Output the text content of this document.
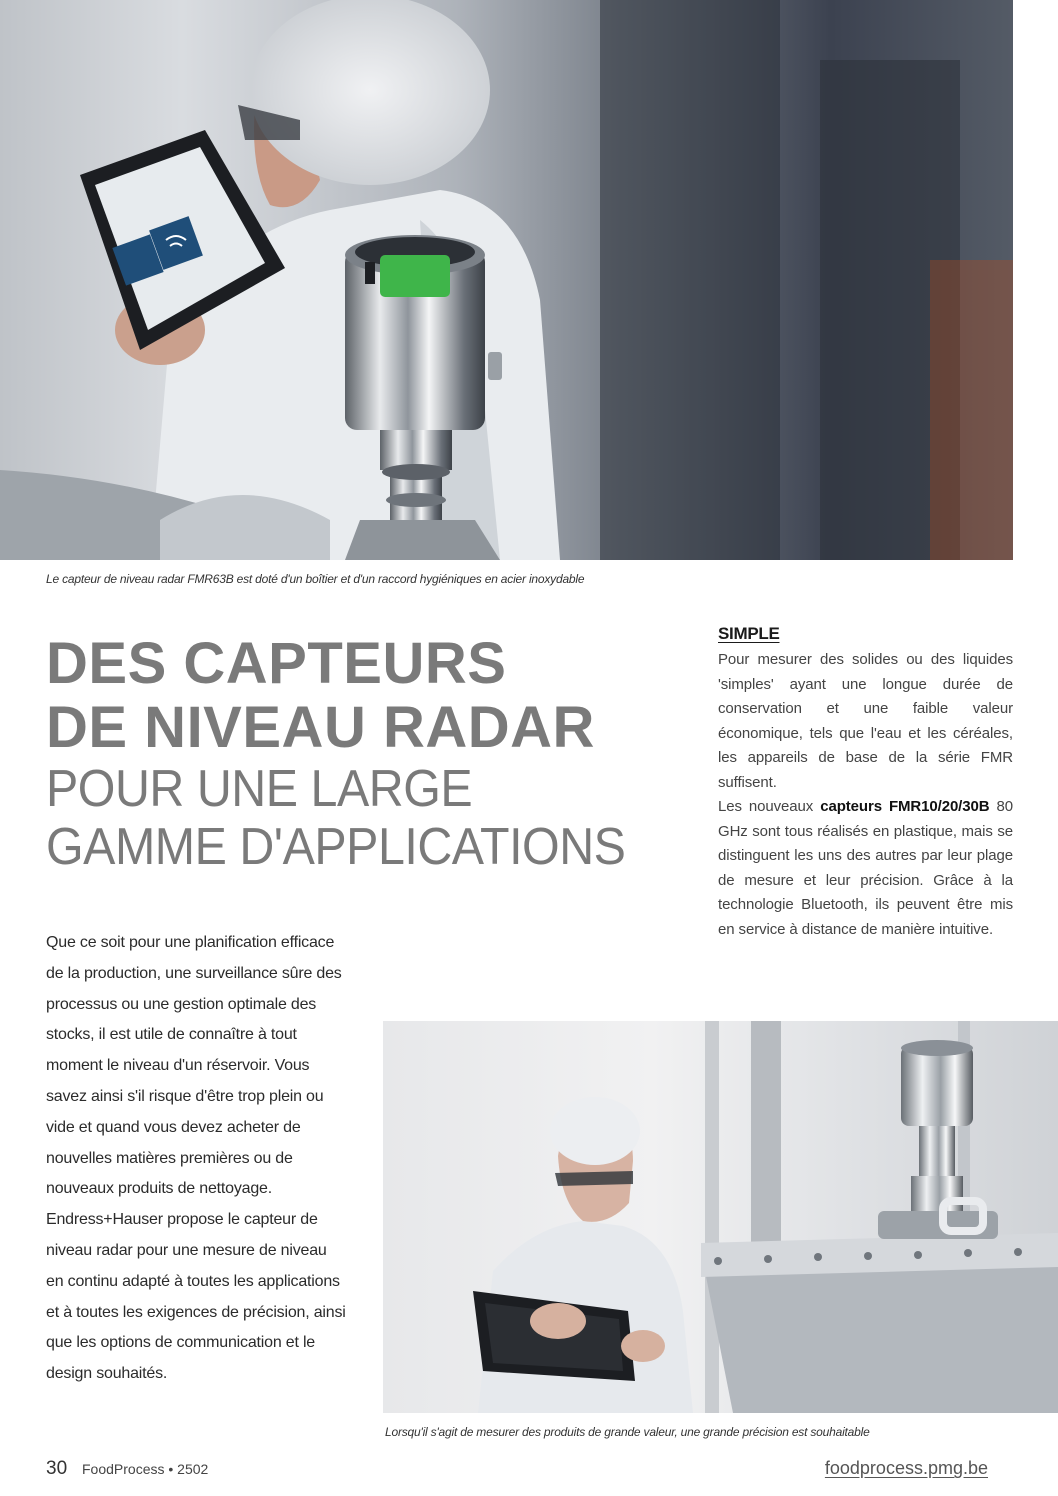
Le capteur de niveau radar FMR63B est doté d'un boîtier et d'un raccord hygiéniques en acier inoxydable
DES CAPTEURS
DE NIVEAU RADAR
POUR UNE LARGE
GAMME D'APPLICATIONS
SIMPLE

Pour mesurer des solides ou des liquides 'simples' ayant une longue durée de conservation et une faible valeur économique, tels que l'eau et les céréales, les appareils de base de la série FMR suffisent.

Les nouveaux capteurs FMR10/20/30B 80 GHz sont tous réalisés en plastique, mais se distinguent les uns des autres par leur plage de mesure et leur précision. Grâce à la technologie Bluetooth, ils peuvent être mis en service à distance de manière intuitive.

Que ce soit pour une planification efficace de la production, une surveillance sûre des processus ou une gestion optimale des stocks, il est utile de connaître à tout moment le niveau d'un réservoir. Vous savez ainsi s'il risque d'être trop plein ou vide et quand vous devez acheter de nouvelles matières premières ou de nouveaux produits de nettoyage. Endress+Hauser propose le capteur de niveau radar pour une mesure de niveau en continu adapté à toutes les applications et à toutes les exigences de précision, ainsi que les options de communication et le design souhaités.

Lorsqu'il s'agit de mesurer des produits de grande valeur, une grande précision est souhaitable
30 FoodProcess • 2502	foodprocess.pmg.be
